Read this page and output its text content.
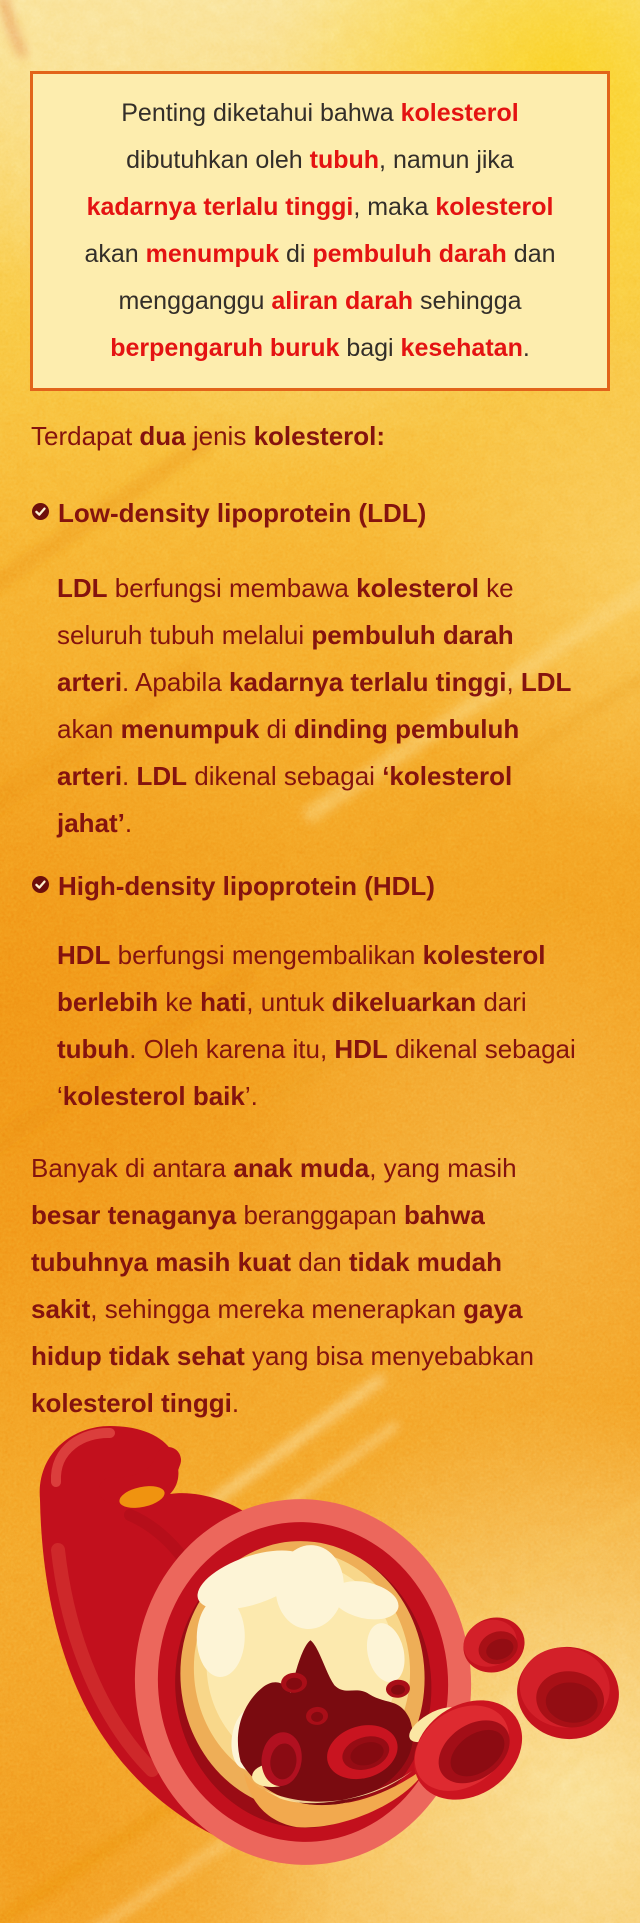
Penting diketahui bahwa kolesterol
dibutuhkan oleh tubuh, namun jika
kadarnya terlalu tinggi, maka kolesterol
akan menumpuk di pembuluh darah dan
mengganggu aliran darah sehingga
berpengaruh buruk bagi kesehatan.
Terdapat dua jenis kolesterol:
Low-density lipoprotein (LDL)
LDL berfungsi membawa kolesterol ke
seluruh tubuh melalui pembuluh darah
arteri. Apabila kadarnya terlalu tinggi, LDL
akan menumpuk di dinding pembuluh
arteri. LDL dikenal sebagai ‘kolesterol
jahat’.
High-density lipoprotein (HDL)
HDL berfungsi mengembalikan kolesterol
berlebih ke hati, untuk dikeluarkan dari
tubuh. Oleh karena itu, HDL dikenal sebagai
‘kolesterol baik’.
Banyak di antara anak muda, yang masih
besar tenaganya beranggapan bahwa
tubuhnya masih kuat dan tidak mudah
sakit, sehingga mereka menerapkan gaya
hidup tidak sehat yang bisa menyebabkan
kolesterol tinggi.
